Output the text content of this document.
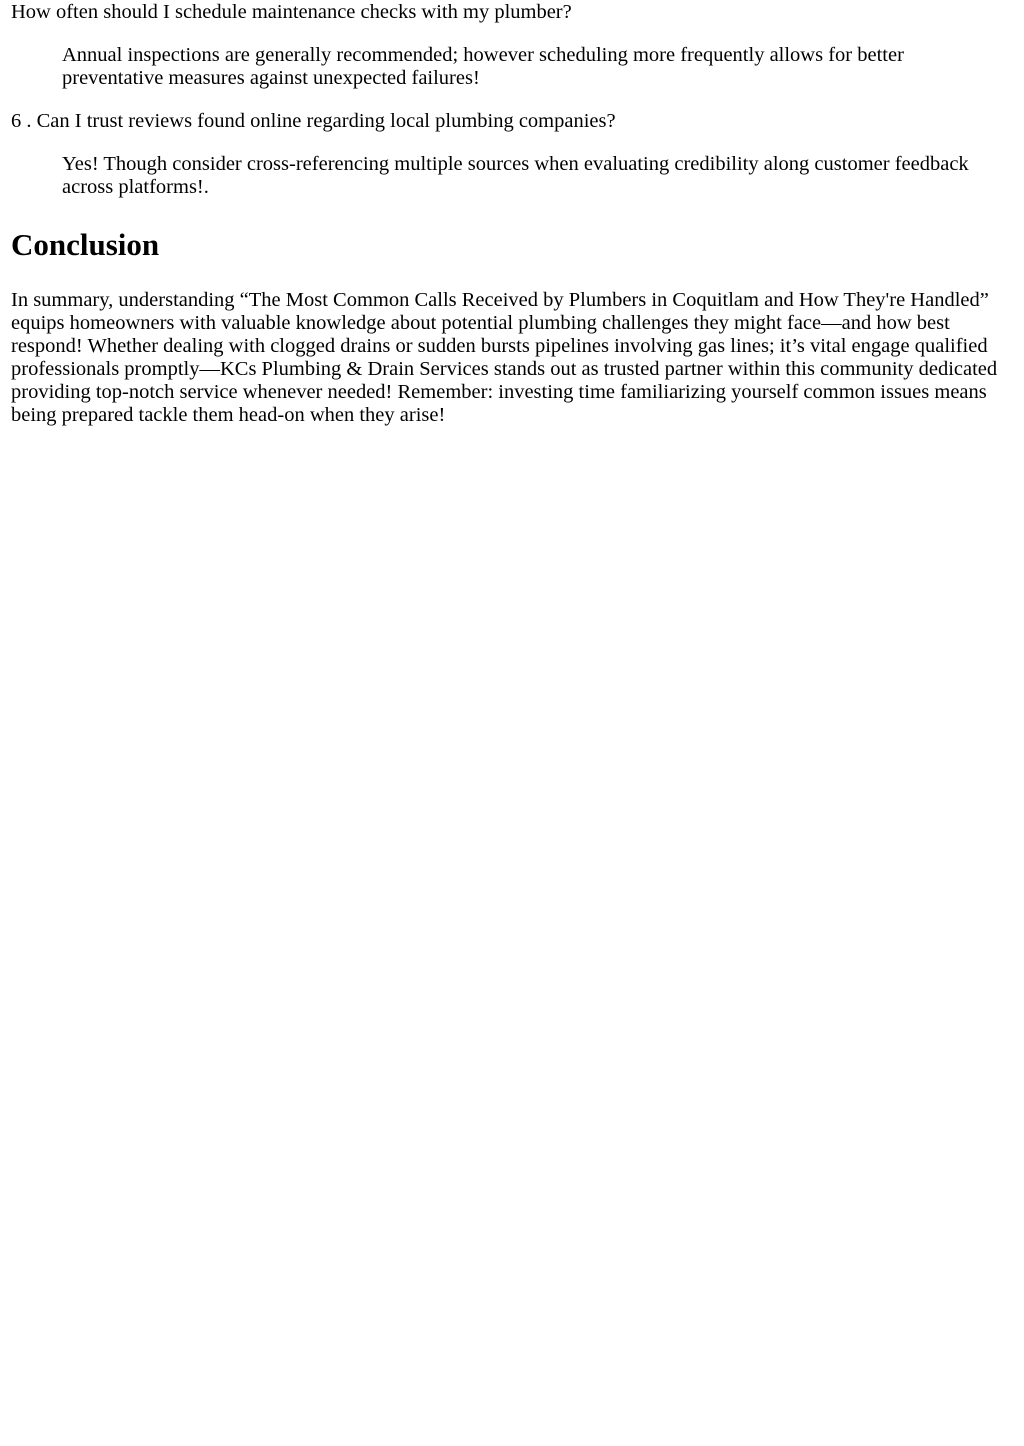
How often should I schedule maintenance checks with my plumber?

Annual inspections are generally recommended; however scheduling more frequently allows for better preventative measures against unexpected failures!

6 . Can I trust reviews found online regarding local plumbing companies?

Yes! Though consider cross-referencing multiple sources when evaluating credibility along customer feedback across platforms!.

Conclusion

In summary, understanding “The Most Common Calls Received by Plumbers in Coquitlam and How They're Handled” equips homeowners with valuable knowledge about potential plumbing challenges they might face—and how best respond! Whether dealing with clogged drains or sudden bursts pipelines involving gas lines; it’s vital engage qualified professionals promptly—KCs Plumbing & Drain Services stands out as trusted partner within this community dedicated providing top-notch service whenever needed! Remember: investing time familiarizing yourself common issues means being prepared tackle them head-on when they arise!
